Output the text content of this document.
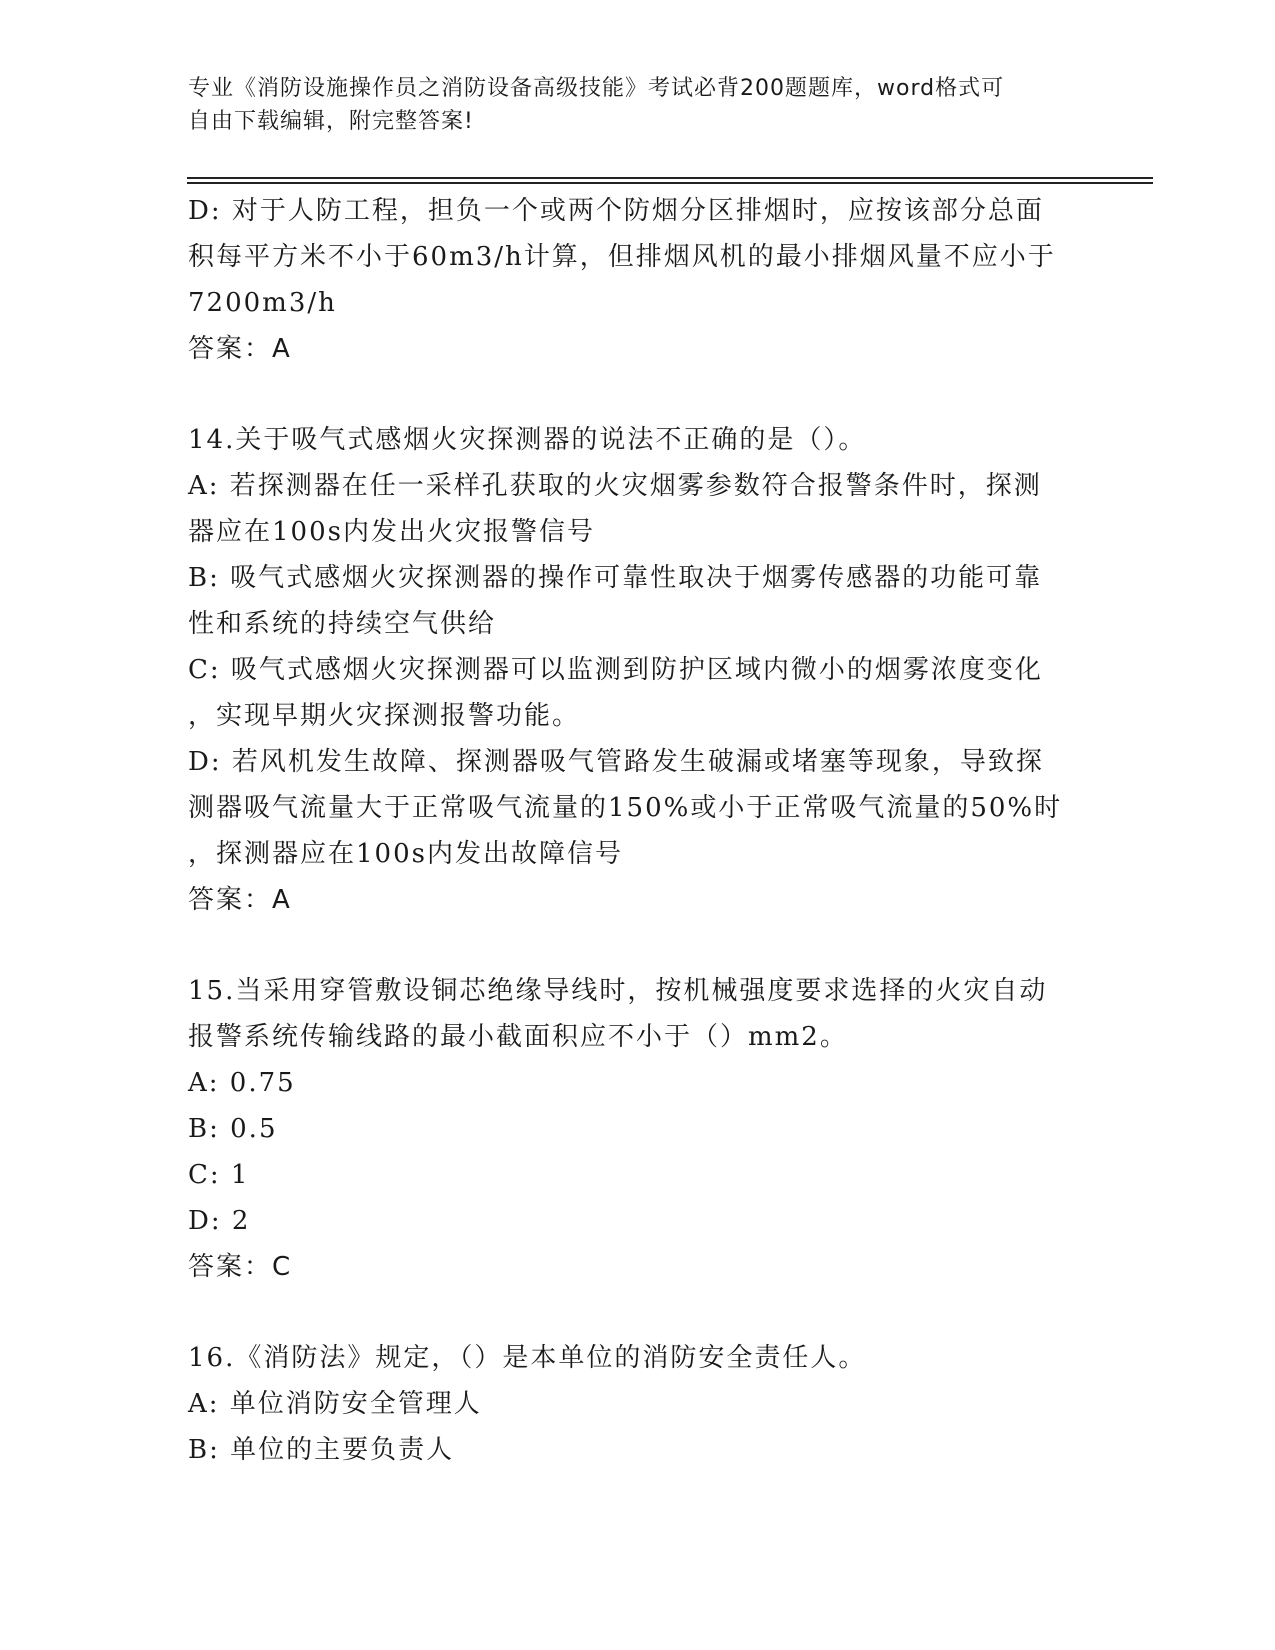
专业《消防设施操作员之消防设备高级技能》考试必背200题题库，word格式可
自由下载编辑，附完整答案!
D: 对于人防工程，担负一个或两个防烟分区排烟时，应按该部分总面
积每平方米不小于60m3/h计算，但排烟风机的最小排烟风量不应小于
7200m3/h
答案：A
14.关于吸气式感烟火灾探测器的说法不正确的是（）。
A: 若探测器在任一采样孔获取的火灾烟雾参数符合报警条件时，探测
器应在100s内发出火灾报警信号
B: 吸气式感烟火灾探测器的操作可靠性取决于烟雾传感器的功能可靠
性和系统的持续空气供给
C: 吸气式感烟火灾探测器可以监测到防护区域内微小的烟雾浓度变化
，实现早期火灾探测报警功能。
D: 若风机发生故障、探测器吸气管路发生破漏或堵塞等现象，导致探
测器吸气流量大于正常吸气流量的150%或小于正常吸气流量的50%时
，探测器应在100s内发出故障信号
答案：A
15.当采用穿管敷设铜芯绝缘导线时，按机械强度要求选择的火灾自动
报警系统传输线路的最小截面积应不小于（）mm2。
A: 0.75
B: 0.5
C: 1
D: 2
答案：C
16.《消防法》规定，（）是本单位的消防安全责任人。
A: 单位消防安全管理人
B: 单位的主要负责人
